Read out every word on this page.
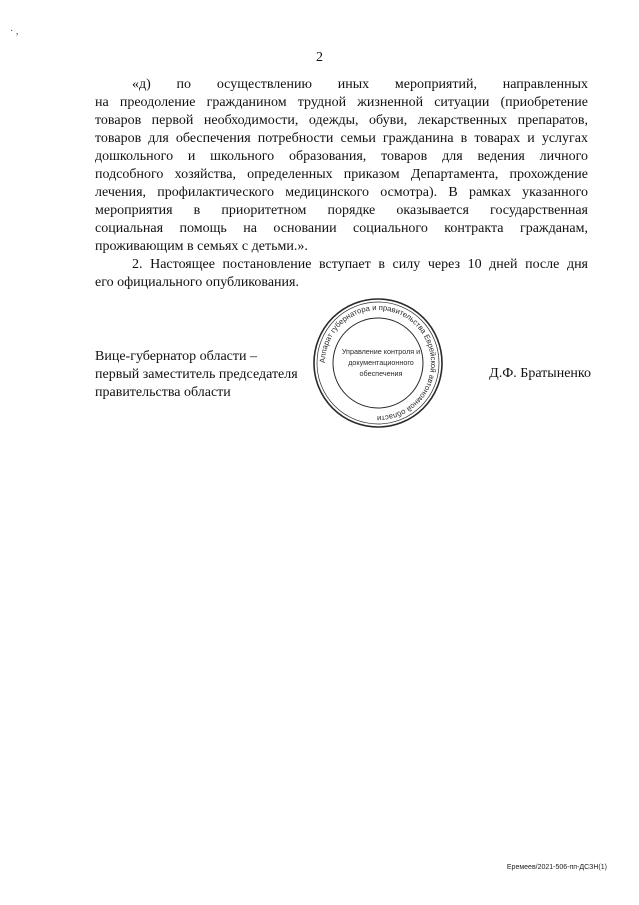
· ,
2
«д) по осуществлению иных мероприятий, направленных
на преодоление гражданином трудной жизненной ситуации (приобретение
товаров первой необходимости, одежды, обуви, лекарственных препаратов,
товаров для обеспечения потребности семьи гражданина в товарах и услугах
дошкольного и школьного образования, товаров для ведения личного
подсобного хозяйства, определенных приказом Департамента, прохождение
лечения, профилактического медицинского осмотра). В рамках указанного
мероприятия в приоритетном порядке оказывается государственная
социальная помощь на основании социального контракта гражданам,
проживающим в семьях с детьми.».
2. Настоящее постановление вступает в силу через 10 дней после дня
его официального опубликования.
Вице-губернатор области –
первый заместитель председателя
правительства области
Аппарат губернатора и правительства Еврейской автономной области
Управление контроля и
документационного
обеспечения	Д.Ф. Братыненко
Еремеев/2021-506-пп-ДСЗН(1)
